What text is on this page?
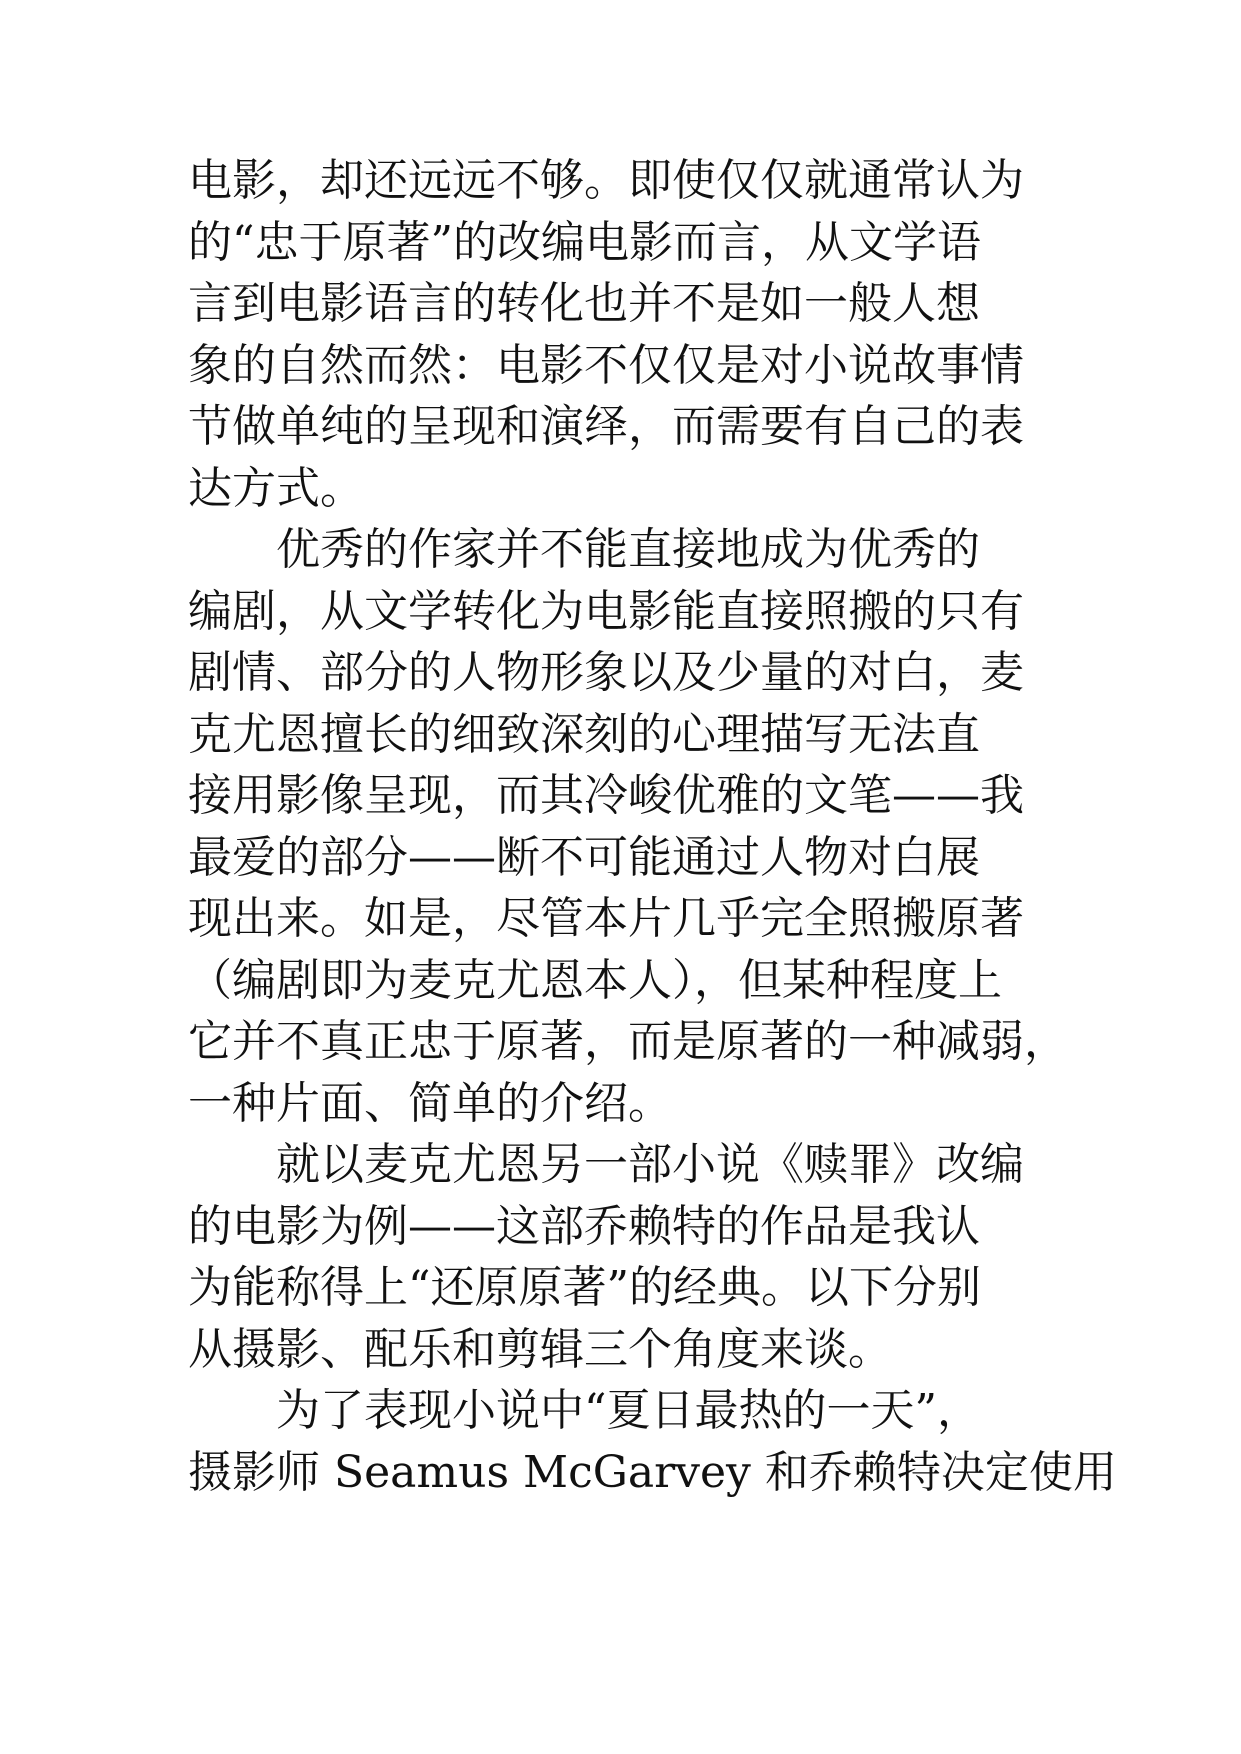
电影，却还远远不够。即使仅仅就通常认为
的“忠于原著”的改编电影而言，从文学语
言到电影语言的转化也并不是如一般人想
象的自然而然：电影不仅仅是对小说故事情
节做单纯的呈现和演绎，而需要有自己的表
达方式。
　　优秀的作家并不能直接地成为优秀的
编剧，从文学转化为电影能直接照搬的只有
剧情、部分的人物形象以及少量的对白，麦
克尤恩擅长的细致深刻的心理描写无法直
接用影像呈现，而其冷峻优雅的文笔——我
最爱的部分——断不可能通过人物对白展
现出来。如是，尽管本片几乎完全照搬原著
（编剧即为麦克尤恩本人），但某种程度上
它并不真正忠于原著，而是原著的一种减弱，
一种片面、简单的介绍。
　　就以麦克尤恩另一部小说《赎罪》改编
的电影为例——这部乔赖特的作品是我认
为能称得上“还原原著”的经典。以下分别
从摄影、配乐和剪辑三个角度来谈。
　　为了表现小说中“夏日最热的一天”，
摄影师 Seamus McGarvey 和乔赖特决定使用
